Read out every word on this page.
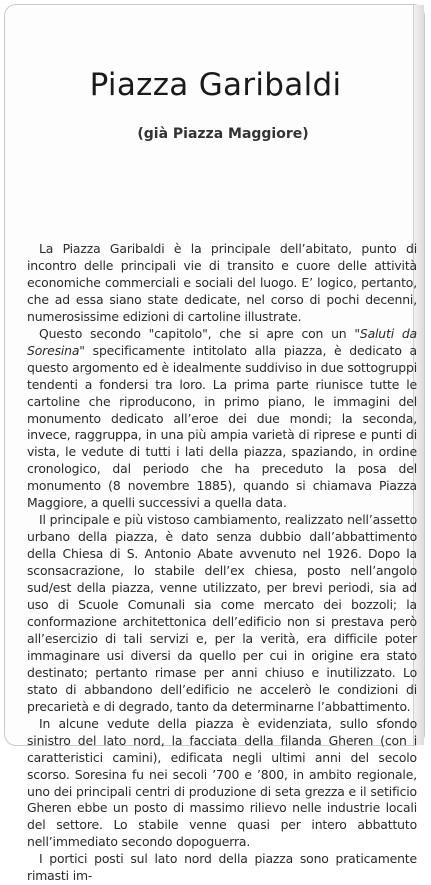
Piazza Garibaldi
(già Piazza Maggiore)

La Piazza Garibaldi è la principale dell’abitato, punto di incontro delle principali vie di transito e cuore delle attività economiche commerciali e sociali del luogo. E’ logico, pertanto, che ad essa siano state dedicate, nel corso di pochi decenni, numerosissime edizioni di cartoline illustrate.

Questo secondo "capitolo", che si apre con un "Saluti da Soresina" specificamente intitolato alla piazza, è dedicato a questo argomento ed è idealmente suddiviso in due sottogruppi tendenti a fondersi tra loro. La prima parte riunisce tutte le cartoline che riproducono, in primo piano, le immagini del monumento dedicato all’eroe dei due mondi; la seconda, invece, raggruppa, in una più ampia varietà di riprese e punti di vista, le vedute di tutti i lati della piazza, spaziando, in ordine cronologico, dal periodo che ha preceduto la posa del monumento (8 novembre 1885), quando si chiamava Piazza Maggiore, a quelli successivi a quella data.

Il principale e più vistoso cambiamento, realizzato nell’assetto urbano della piazza, è dato senza dubbio dall’abbattimento della Chiesa di S. Antonio Abate avvenuto nel 1926. Dopo la sconsacrazione, lo stabile dell’ex chiesa, posto nell’angolo sud/est della piazza, venne utilizzato, per brevi periodi, sia ad uso di Scuole Comunali sia come mercato dei bozzoli; la conformazione architettonica dell’edificio non si prestava però all’esercizio di tali servizi e, per la verità, era difficile poter immaginare usi diversi da quello per cui in origine era stato destinato; pertanto rimase per anni chiuso e inutilizzato. Lo stato di abbandono dell’edificio ne accelerò le condizioni di precarietà e di degrado, tanto da determinarne l’abbattimento.

In alcune vedute della piazza è evidenziata, sullo sfondo sinistro del lato nord, la facciata della filanda Gheren (con i caratteristici camini), edificata negli ultimi anni del secolo scorso. Soresina fu nei secoli ’700 e ’800, in ambito regionale, uno dei principali centri di produzione di seta grezza e il setificio Gheren ebbe un posto di massimo rilievo nelle industrie locali del settore. Lo stabile venne quasi per intero abbattuto nell’immediato secondo dopoguerra.

I portici posti sul lato nord della piazza sono praticamente rimasti im-
